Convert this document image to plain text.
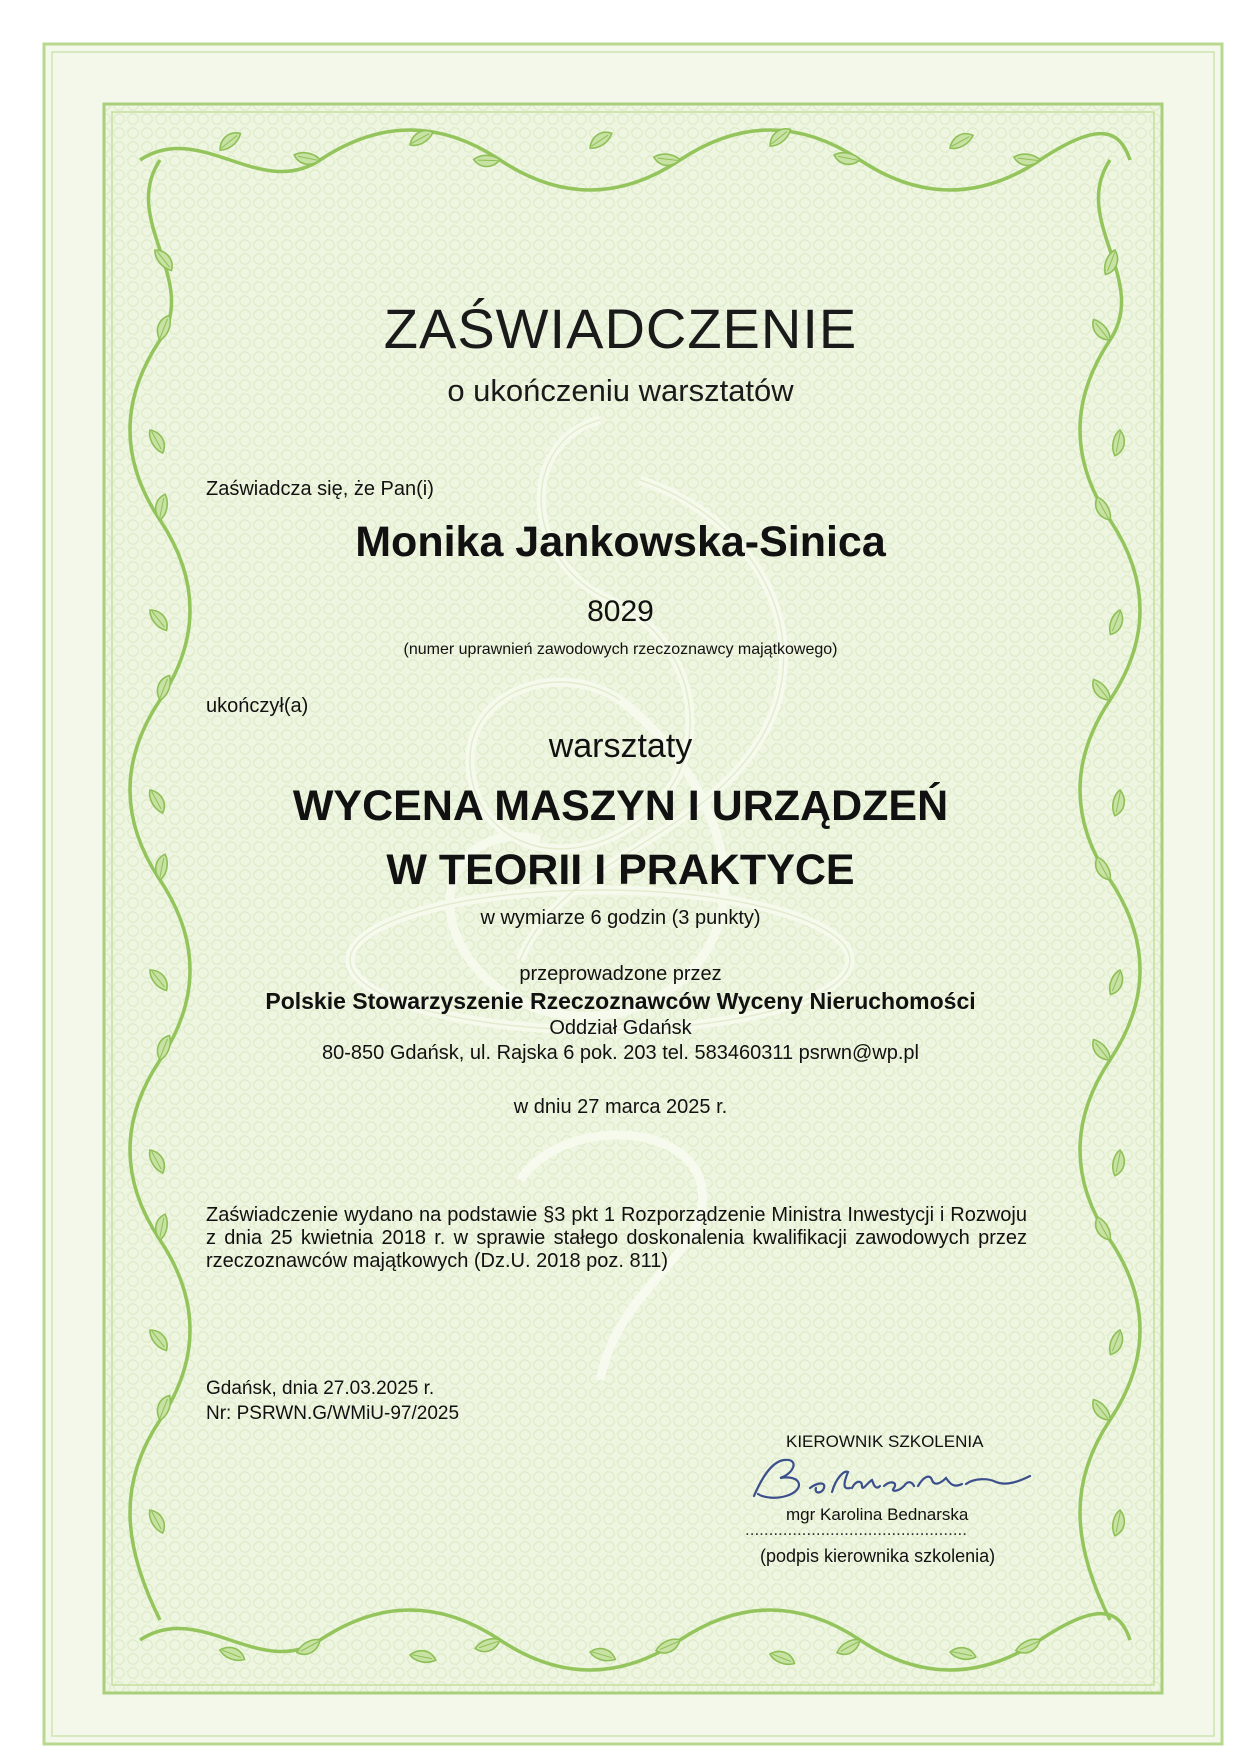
ZAŚWIADCZENIE
o ukończeniu warsztatów
Zaświadcza się, że Pan(i)
Monika Jankowska-Sinica
8029
(numer uprawnień zawodowych rzeczoznawcy majątkowego)
ukończył(a)
warsztaty
WYCENA MASZYN I URZĄDZEŃ
W TEORII I PRAKTYCE
w wymiarze 6 godzin (3 punkty)
przeprowadzone przez
Polskie Stowarzyszenie Rzeczoznawców Wyceny Nieruchomości
Oddział Gdańsk
80-850 Gdańsk, ul. Rajska 6 pok. 203 tel. 583460311 psrwn@wp.pl
w dniu 27 marca 2025 r.
Zaświadczenie wydano na podstawie §3 pkt 1 Rozporządzenie Ministra Inwestycji i Rozwoju z dnia 25 kwietnia 2018 r. w sprawie stałego doskonalenia kwalifikacji zawodowych przez rzeczoznawców majątkowych (Dz.U. 2018 poz. 811)
Gdańsk, dnia 27.03.2025 r.
Nr: PSRWN.G/WMiU-97/2025
KIEROWNIK SZKOLENIA
mgr Karolina Bednarska
...............................................
(podpis kierownika szkolenia)
